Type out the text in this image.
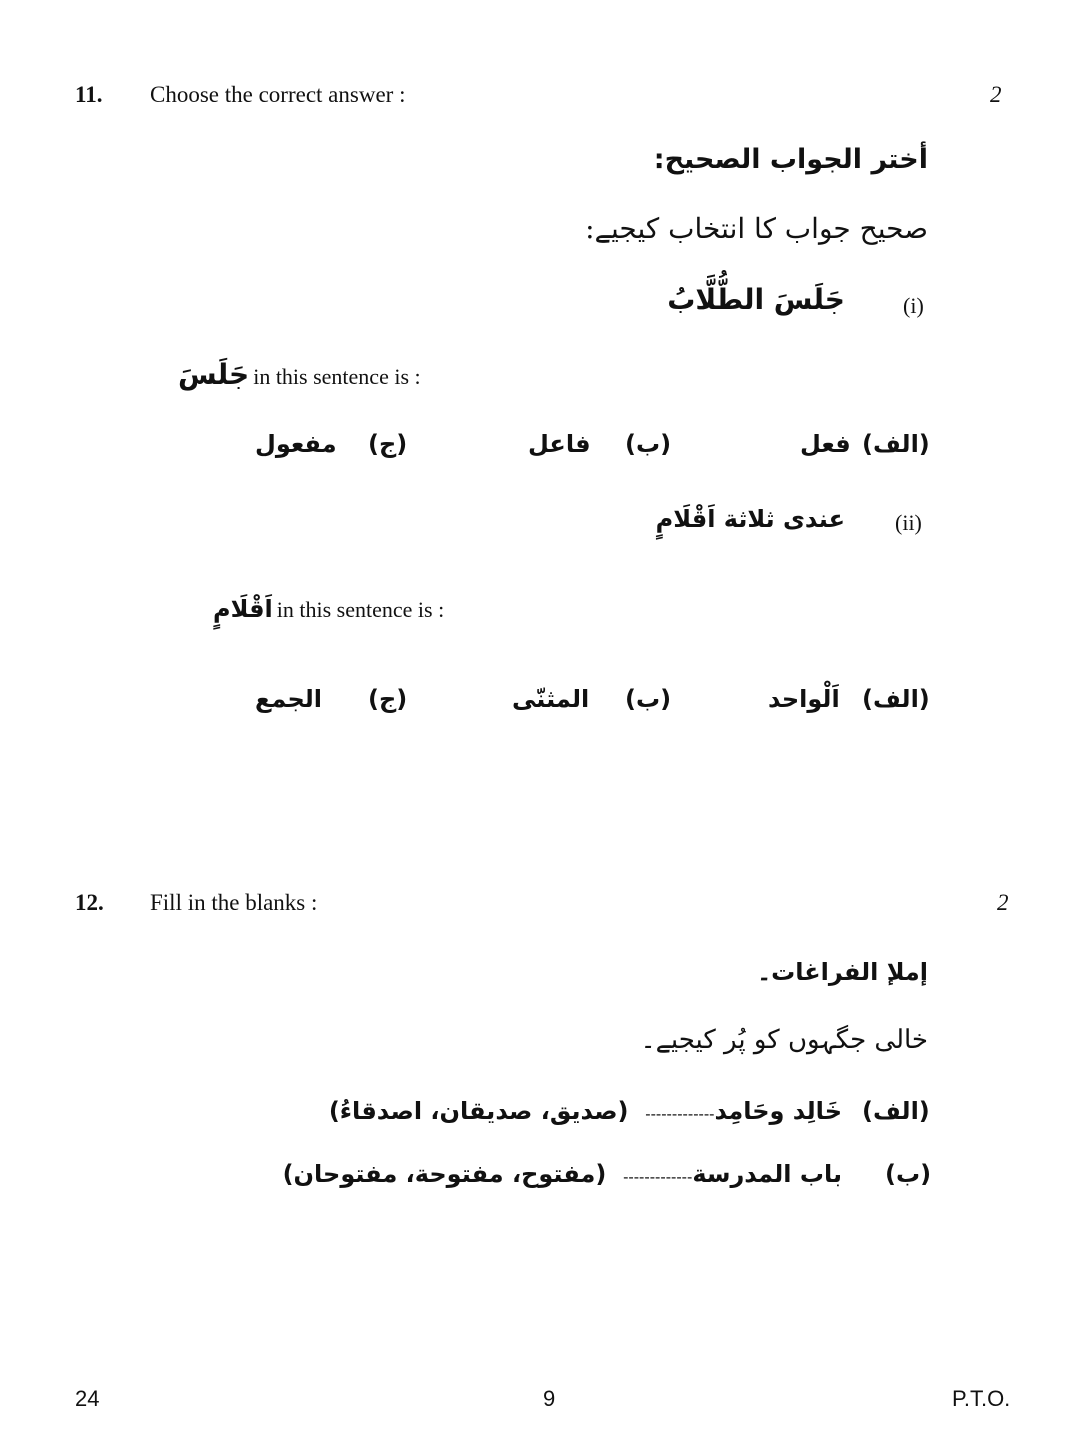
11. Choose the correct answer :	2
أختر الجواب الصحيح:
صحیح جواب کا انتخاب کیجیے:
(i)
جَلَسَ الطُّلَّابُ
جَلَسَ in this sentence is :
(الف)
فعل
(ب)
فاعل
(ج)
مفعول
(ii)
عندی ثلاثة اَقْلَامٍ
اَقْلَامٍ in this sentence is :
(الف)
اَلْواحد
(ب)
المثنّى
(ج)
الجمع
12. Fill in the blanks :	2
إملإ الفراغات۔
خالی جگہوں کو پُر کیجیے۔
(الف)
خَالِد وحَامِد-------------  (صديق، صديقان، اصدقاءُ)
(ب)
باب المدرسة-------------  (مفتوح، مفتوحة، مفتوحان)
24	9	P.T.O.
